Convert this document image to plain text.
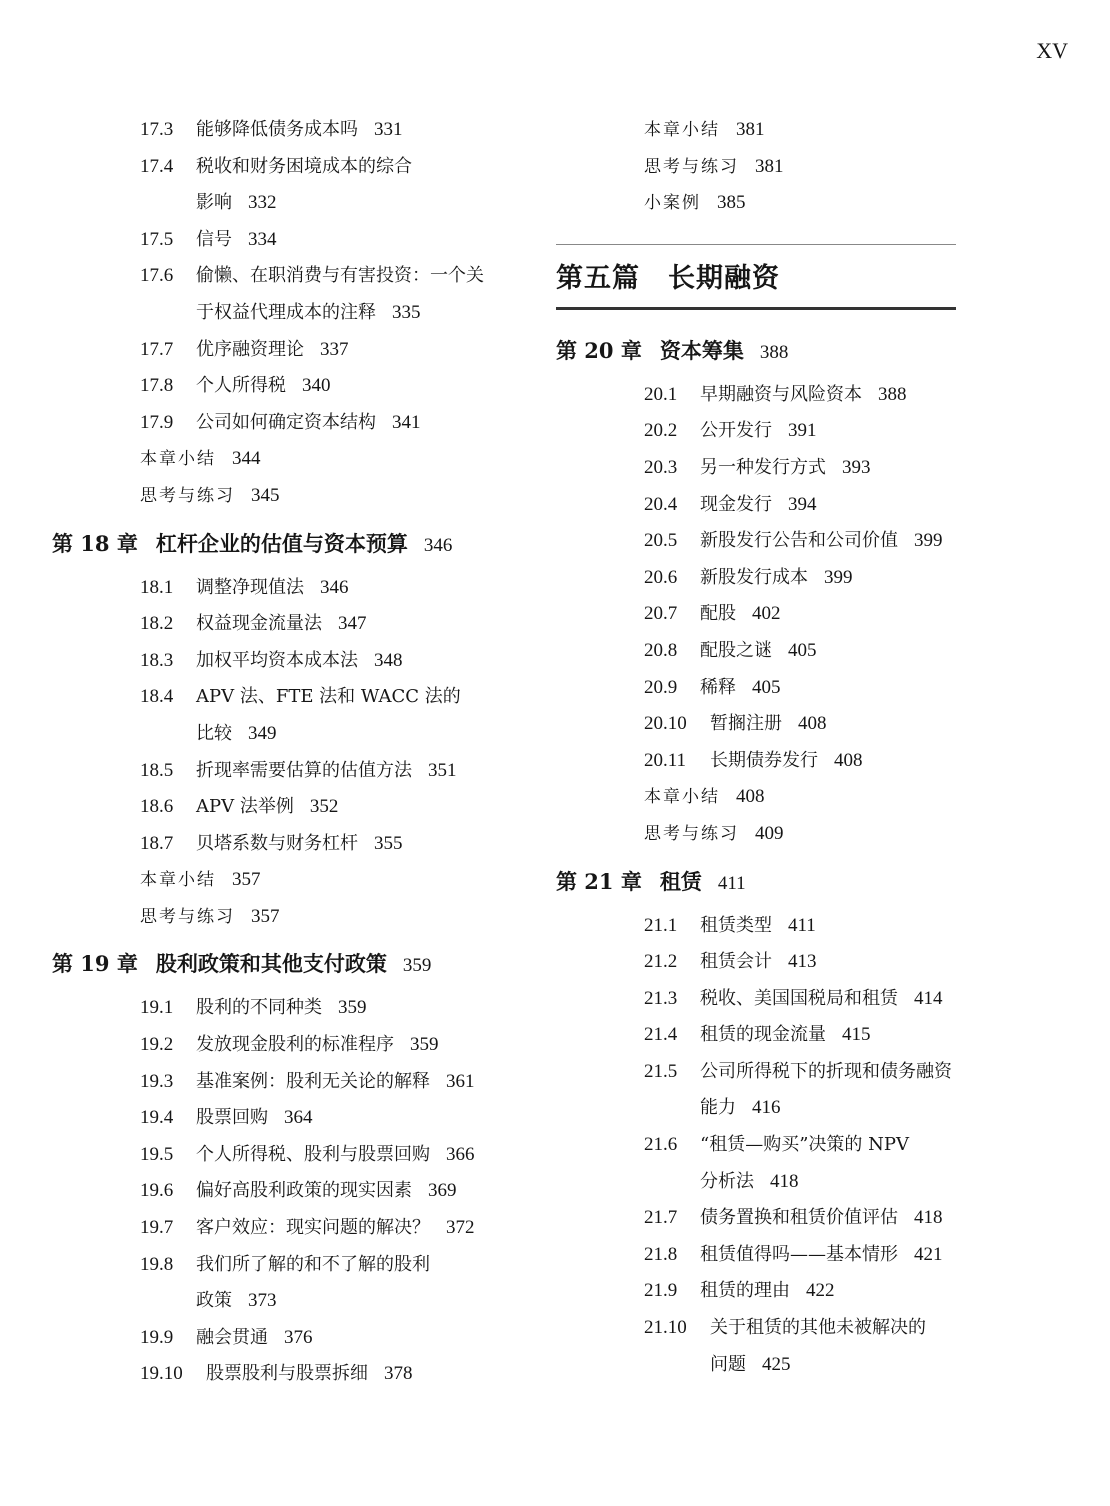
XV
17.3	能够降低债务成本吗 331
17.4	税收和财务困境成本的综合
影响 332
17.5	信号 334
17.6	偷懒、在职消费与有害投资：一个关
于权益代理成本的注释 335
17.7	优序融资理论 337
17.8	个人所得税 340
17.9	公司如何确定资本结构 341
本章小结 344
思考与练习 345
第 18 章 杠杆企业的估值与资本预算 346
18.1	调整净现值法 346
18.2	权益现金流量法 347
18.3	加权平均资本成本法 348
18.4	APV 法、FTE 法和 WACC 法的
比较 349
18.5	折现率需要估算的估值方法 351
18.6	APV 法举例 352
18.7	贝塔系数与财务杠杆 355
本章小结 357
思考与练习 357
第 19 章 股利政策和其他支付政策 359
19.1	股利的不同种类 359
19.2	发放现金股利的标准程序 359
19.3	基准案例：股利无关论的解释 361
19.4	股票回购 364
19.5	个人所得税、股利与股票回购 366
19.6	偏好高股利政策的现实因素 369
19.7	客户效应：现实问题的解决？ 372
19.8	我们所了解的和不了解的股利
政策 373
19.9	融会贯通 376
19.10	股票股利与股票拆细 378
本章小结 381
思考与练习 381
小案例 385
第五篇 长期融资
第 20 章 资本筹集 388
20.1	早期融资与风险资本 388
20.2	公开发行 391
20.3	另一种发行方式 393
20.4	现金发行 394
20.5	新股发行公告和公司价值 399
20.6	新股发行成本 399
20.7	配股 402
20.8	配股之谜 405
20.9	稀释 405
20.10	暂搁注册 408
20.11	长期债券发行 408
本章小结 408
思考与练习 409
第 21 章 租赁 411
21.1	租赁类型 411
21.2	租赁会计 413
21.3	税收、美国国税局和租赁 414
21.4	租赁的现金流量 415
21.5	公司所得税下的折现和债务融资
能力 416
21.6	“租赁—购买”决策的 NPV
分析法 418
21.7	债务置换和租赁价值评估 418
21.8	租赁值得吗——基本情形 421
21.9	租赁的理由 422
21.10	关于租赁的其他未被解决的
问题 425
